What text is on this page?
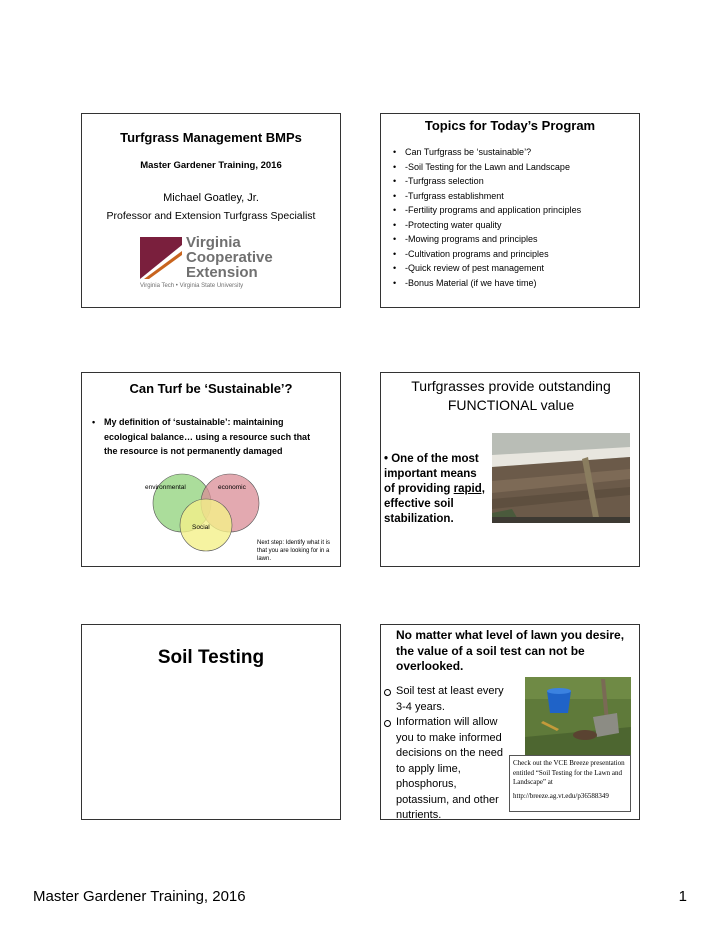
Turfgrass Management BMPs
Master Gardener Training, 2016
Michael Goatley, Jr.
Professor and Extension Turfgrass Specialist
Virginia
Cooperative
Extension
Virginia Tech • Virginia State University
Topics for Today’s Program
• Can Turfgrass be ‘sustainable’?
• -Soil Testing for the Lawn and Landscape
• -Turfgrass selection
• -Turfgrass establishment
• -Fertility programs and application principles
• -Protecting water quality
• -Mowing programs and principles
• -Cultivation programs and principles
• -Quick review of pest management
• -Bonus Material (if we have time)
Can Turf be ‘Sustainable’?
• My definition of ‘sustainable’: maintaining ecological balance… using a resource such that the resource is not permanently damaged
environmental	economic
Social
Next step: Identify what it is that you are looking for in a lawn.
Turfgrasses provide outstanding FUNCTIONAL value
• One of the most important means of providing rapid, effective soil stabilization.
Soil Testing
No matter what level of lawn you desire, the value of a soil test can not be overlooked.
Soil test at least every 3-4 years.
Information will allow you to make informed decisions on the need to apply lime, phosphorus, potassium, and other nutrients.
Check out the VCE Breeze presentation entitled “Soil Testing for the Lawn and Landscape” at
http://breeze.ag.vt.edu/p36588349
Master Gardener Training, 2016	1
